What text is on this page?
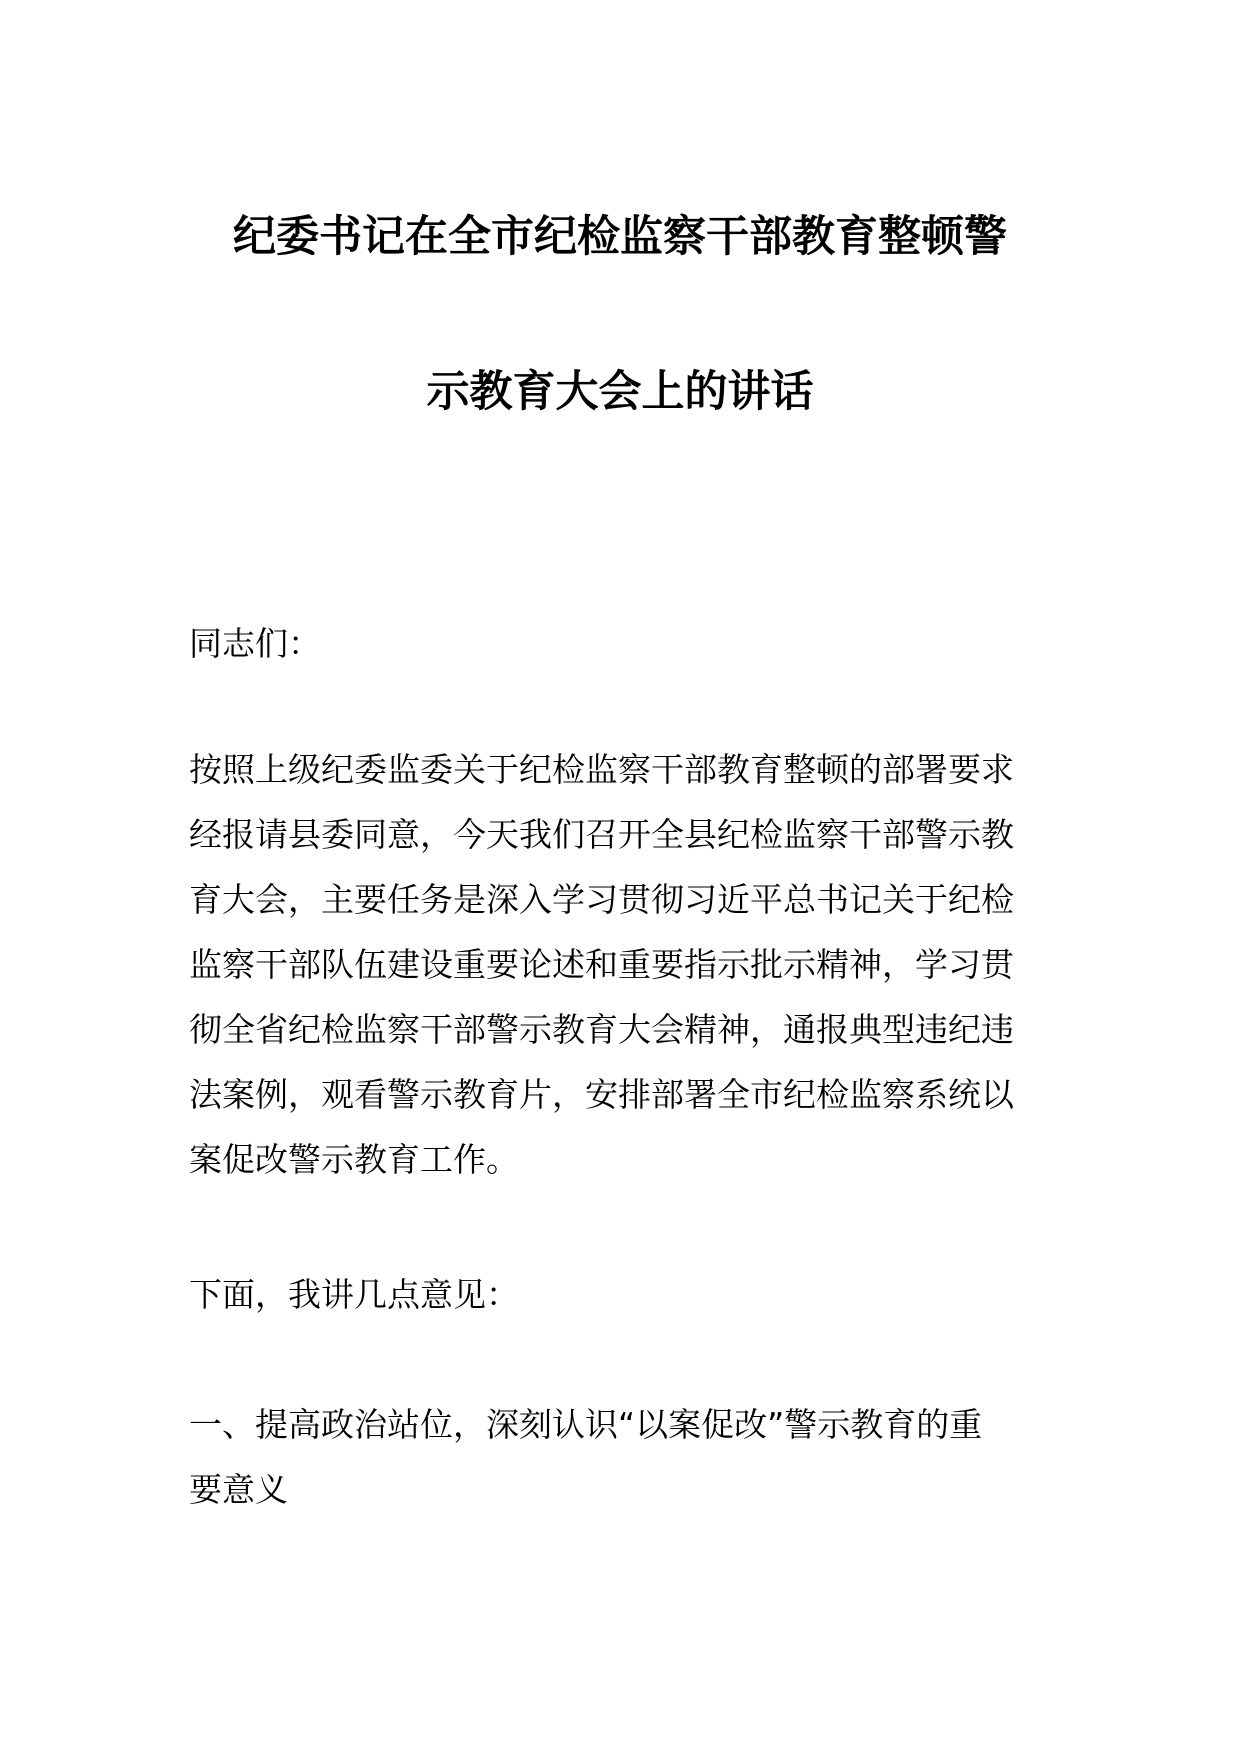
纪委书记在全市纪检监察干部教育整顿警
示教育大会上的讲话

同志们：

按照上级纪委监委关于纪检监察干部教育整顿的部署要求
经报请县委同意，今天我们召开全县纪检监察干部警示教
育大会，主要任务是深入学习贯彻习近平总书记关于纪检
监察干部队伍建设重要论述和重要指示批示精神，学习贯
彻全省纪检监察干部警示教育大会精神，通报典型违纪违
法案例，观看警示教育片，安排部署全市纪检监察系统以
案促改警示教育工作。

下面，我讲几点意见：

一、提高政治站位，深刻认识“以案促改”警示教育的重
要意义
